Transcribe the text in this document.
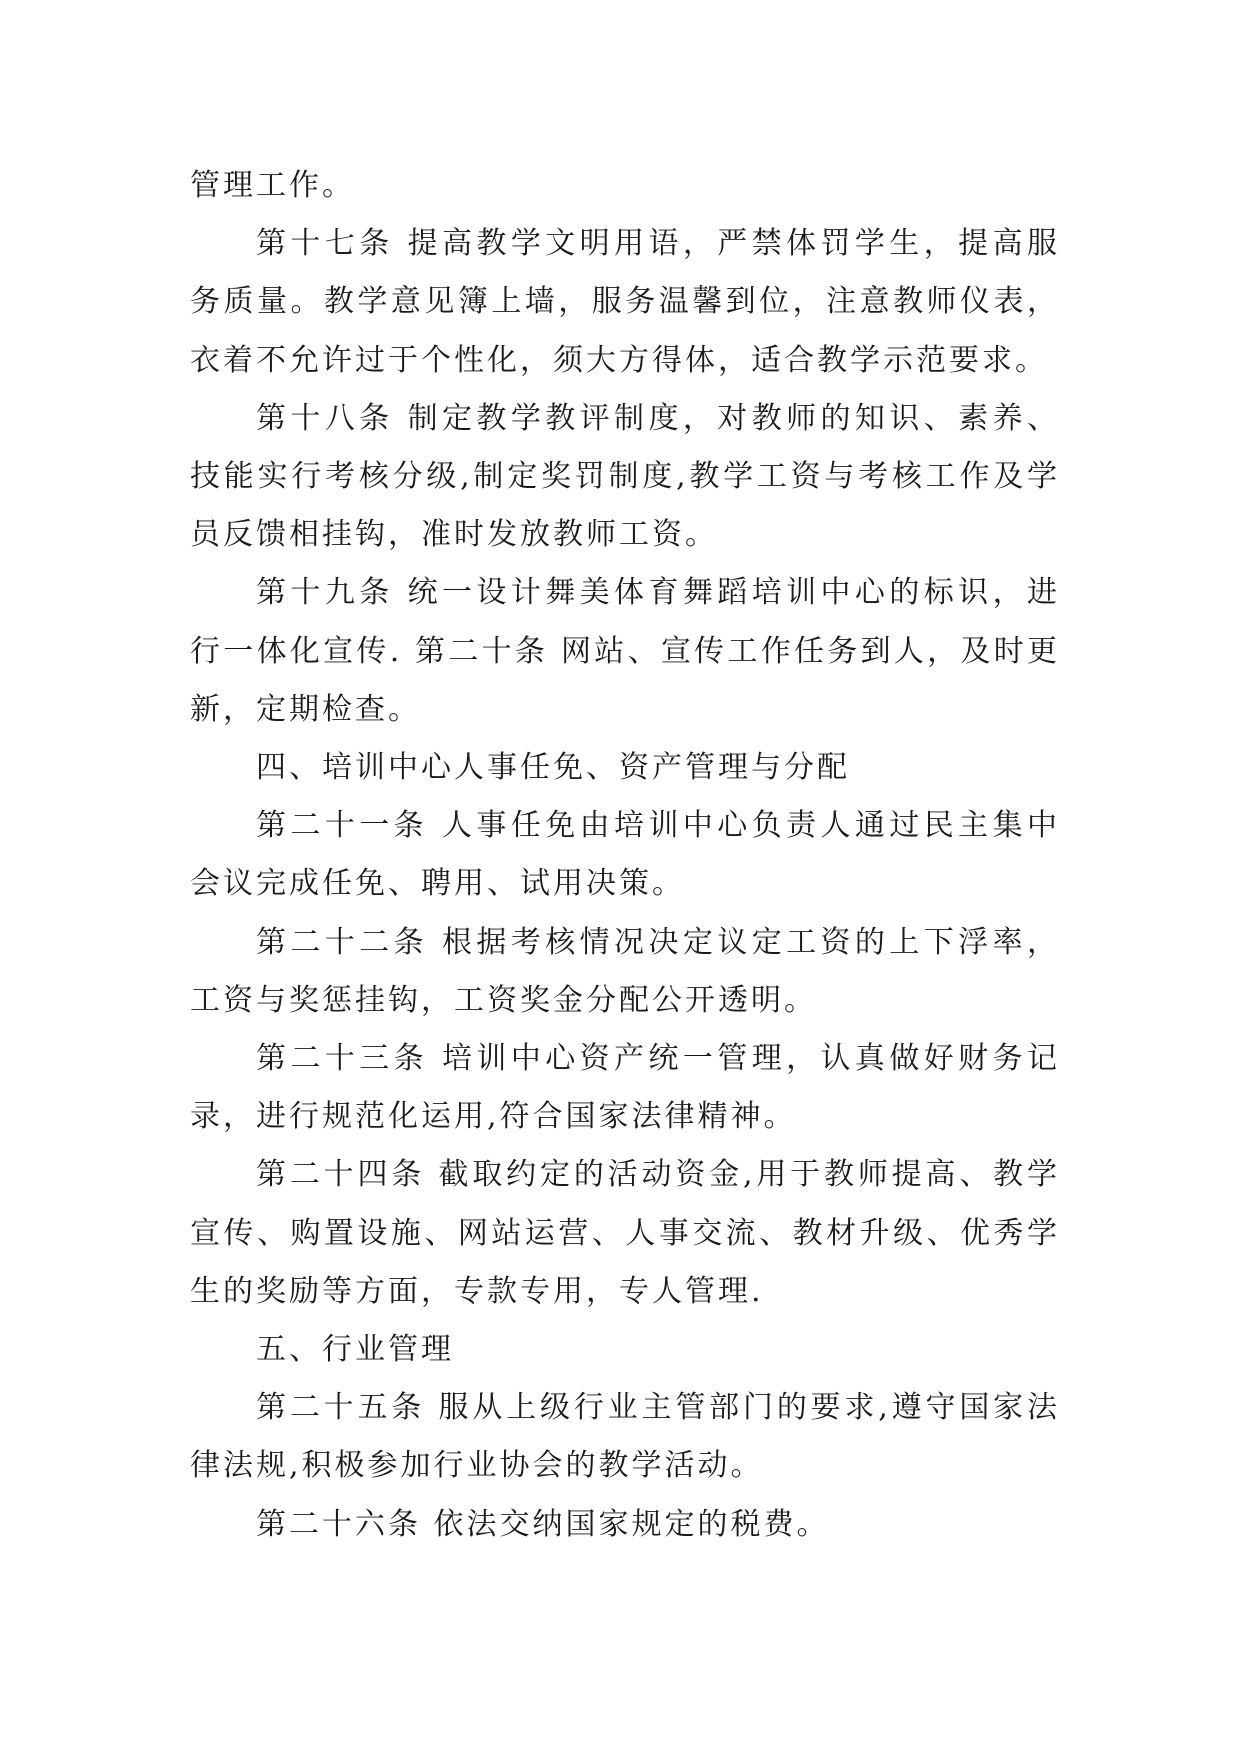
管理工作。

第十七条 提高教学文明用语，严禁体罚学生，提高服务质量。教学意见簿上墙，服务温馨到位，注意教师仪表，衣着不允许过于个性化，须大方得体，适合教学示范要求。

第十八条 制定教学教评制度，对教师的知识、素养、技能实行考核分级,制定奖罚制度,教学工资与考核工作及学员反馈相挂钩，准时发放教师工资。

第十九条 统一设计舞美体育舞蹈培训中心的标识，进行一体化宣传. 第二十条 网站、宣传工作任务到人，及时更新，定期检查。

四、培训中心人事任免、资产管理与分配

第二十一条 人事任免由培训中心负责人通过民主集中会议完成任免、聘用、试用决策。

第二十二条 根据考核情况决定议定工资的上下浮率，工资与奖惩挂钩，工资奖金分配公开透明。

第二十三条 培训中心资产统一管理，认真做好财务记录，进行规范化运用,符合国家法律精神。

第二十四条 截取约定的活动资金,用于教师提高、教学宣传、购置设施、网站运营、人事交流、教材升级、优秀学生的奖励等方面，专款专用，专人管理.

五、行业管理

第二十五条 服从上级行业主管部门的要求,遵守国家法律法规,积极参加行业协会的教学活动。

第二十六条 依法交纳国家规定的税费。
